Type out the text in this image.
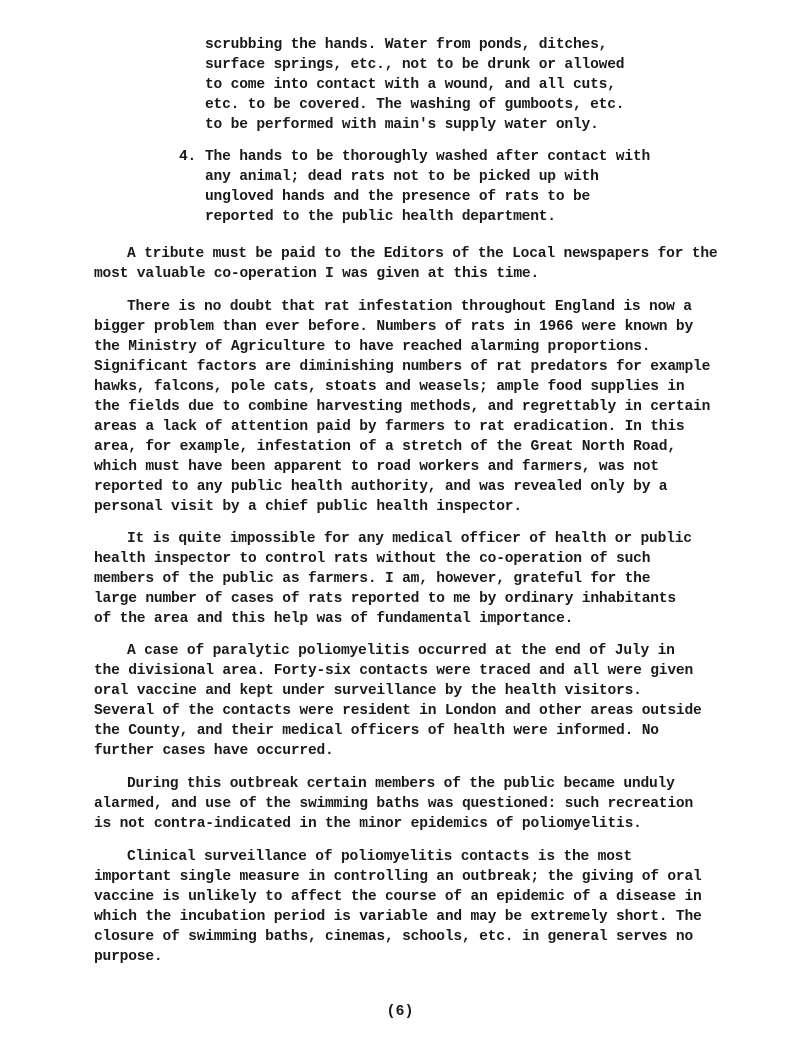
scrubbing the hands. Water from ponds, ditches,
surface springs, etc., not to be drunk or allowed
to come into contact with a wound, and all cuts,
etc. to be covered. The washing of gumboots, etc.
to be performed with main's supply water only.
4. The hands to be thoroughly washed after contact with
any animal; dead rats not to be picked up with
ungloved hands and the presence of rats to be
reported to the public health department.
A tribute must be paid to the Editors of the Local newspapers for the
most valuable co-operation I was given at this time.
There is no doubt that rat infestation throughout England is now a
bigger problem than ever before. Numbers of rats in 1966 were known by
the Ministry of Agriculture to have reached alarming proportions.
Significant factors are diminishing numbers of rat predators for example
hawks, falcons, pole cats, stoats and weasels; ample food supplies in
the fields due to combine harvesting methods, and regrettably in certain
areas a lack of attention paid by farmers to rat eradication. In this
area, for example, infestation of a stretch of the Great North Road,
which must have been apparent to road workers and farmers, was not
reported to any public health authority, and was revealed only by a
personal visit by a chief public health inspector.
It is quite impossible for any medical officer of health or public
health inspector to control rats without the co-operation of such
members of the public as farmers. I am, however, grateful for the
large number of cases of rats reported to me by ordinary inhabitants
of the area and this help was of fundamental importance.
A case of paralytic poliomyelitis occurred at the end of July in
the divisional area. Forty-six contacts were traced and all were given
oral vaccine and kept under surveillance by the health visitors.
Several of the contacts were resident in London and other areas outside
the County, and their medical officers of health were informed. No
further cases have occurred.
During this outbreak certain members of the public became unduly
alarmed, and use of the swimming baths was questioned: such recreation
is not contra-indicated in the minor epidemics of poliomyelitis.
Clinical surveillance of poliomyelitis contacts is the most
important single measure in controlling an outbreak; the giving of oral
vaccine is unlikely to affect the course of an epidemic of a disease in
which the incubation period is variable and may be extremely short. The
closure of swimming baths, cinemas, schools, etc. in general serves no
purpose.
(6)
